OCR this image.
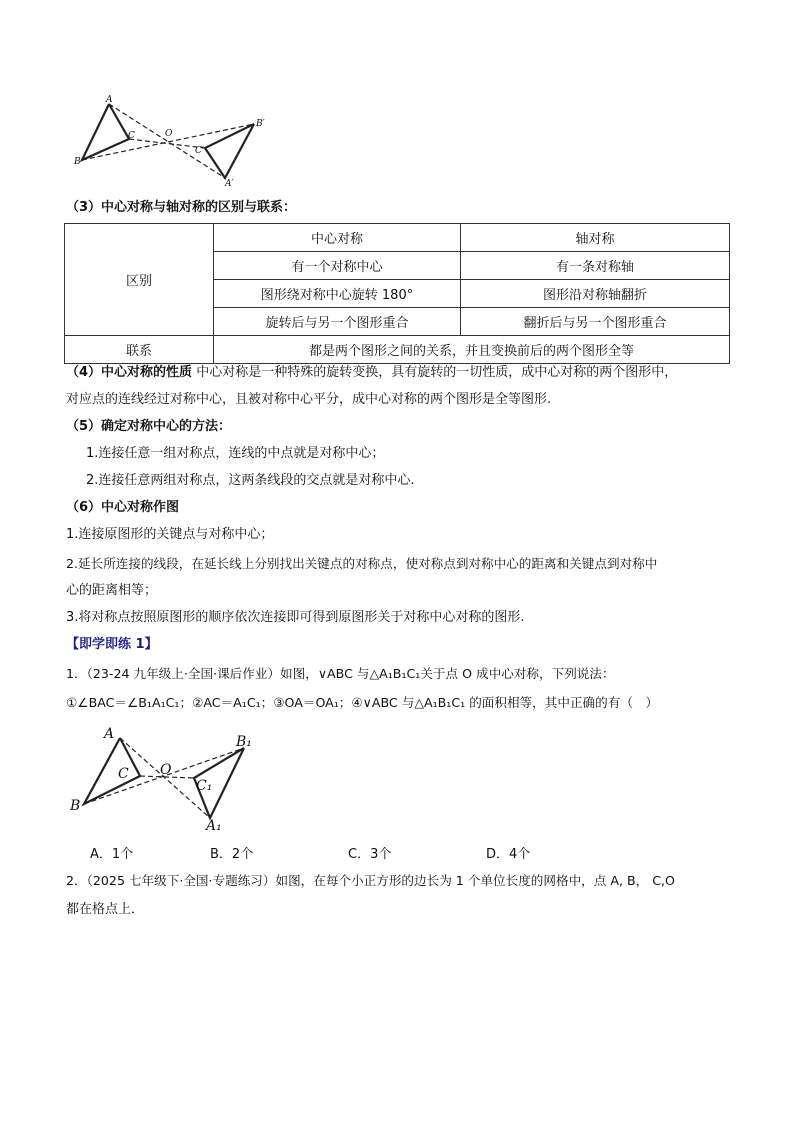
A
B
C	O
B′
C′
A′
（3）中心对称与轴对称的区别与联系：
区别	中心对称	轴对称
	有一个对称中心	有一条对称轴
	图形绕对称中心旋转 180°	图形沿对称轴翻折
	旋转后与另一个图形重合	翻折后与另一个图形重合
联系	都是两个图形之间的关系，并且变换前后的两个图形全等	
（4）中心对称的性质 中心对称是一种特殊的旋转变换，具有旋转的一切性质，成中心对称的两个图形中，
对应点的连线经过对称中心，且被对称中心平分，成中心对称的两个图形是全等图形.
（5）确定对称中心的方法：
1.连接任意一组对称点，连线的中点就是对称中心；
2.连接任意两组对称点，这两条线段的交点就是对称中心.
（6）中心对称作图
1.连接原图形的关键点与对称中心；
2.延长所连接的线段，在延长线上分别找出关键点的对称点，使对称点到对称中心的距离和关键点到对称中
心的距离相等；
3.将对称点按照原图形的顺序依次连接即可得到原图形关于对称中心对称的图形.
【即学即练 1】
1．（23-24 九年级上·全国·课后作业）如图，∨ABC 与△A₁B₁C₁关于点 O 成中心对称，下列说法：
①∠BAC＝∠B₁A₁C₁；②AC＝A₁C₁；③OA＝OA₁；④∨ABC 与△A₁B₁C₁ 的面积相等，其中正确的有（　）
A
B
C O
B₁
C₁
A₁
A．1个	B．2个	C．3个	D．4个
2．（2025 七年级下·全国·专题练习）如图，在每个小正方形的边长为 1 个单位长度的网格中，点 A, B， C,O
都在格点上．
